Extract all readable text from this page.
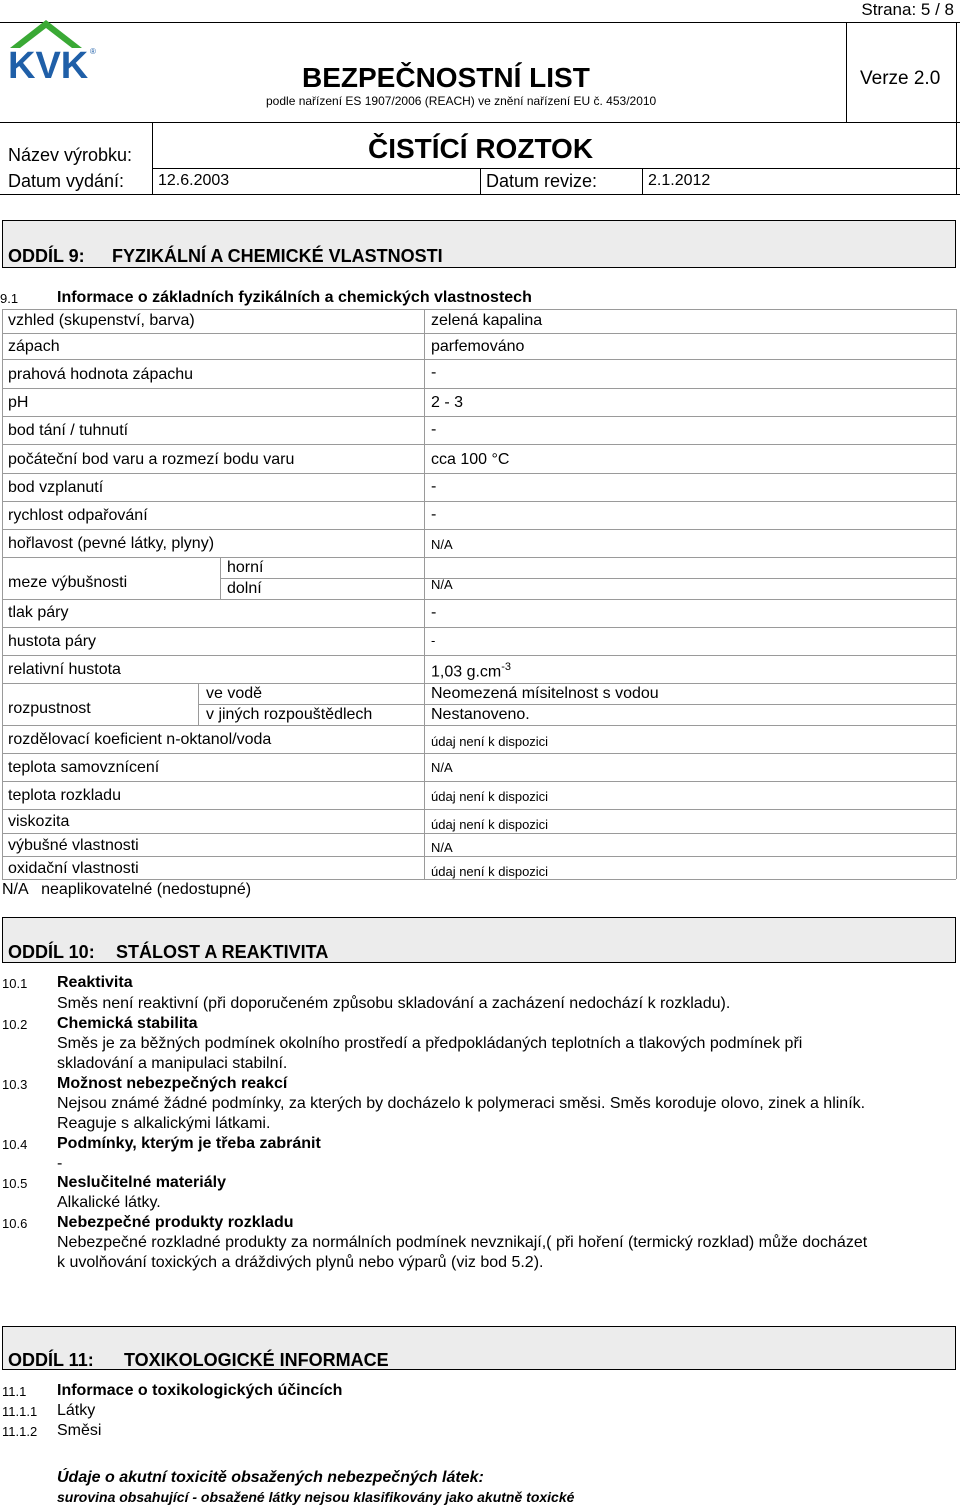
Strana: 5 / 8
KVK ®
BEZPEČNOSTNÍ LIST
podle nařízení ES 1907/2006 (REACH) ve znění nařízení EU č. 453/2010
Verze 2.0
Název výrobku:	ČISTÍCÍ ROZTOK
Datum vydání: 12.6.2003	Datum revize:	2.1.2012
ODDÍL 9: FYZIKÁLNÍ A CHEMICKÉ VLASTNOSTI
9.1 Informace o základních fyzikálních a chemických vlastnostech
vzhled (skupenství, barva)	zelená kapalina
zápach	parfemováno
prahová hodnota zápachu	-
pH	2 - 3
bod tání / tuhnutí	-
počáteční bod varu a rozmezí bodu varu	cca 100 °C
bod vzplanutí	-
rychlost odpařování	-
hořlavost (pevné látky, plyny)	N/A
meze výbušnosti
horní
dolní	N/A
tlak páry	-
hustota páry	-
relativní hustota	1,03 $g.cm^{-3}$
rozpustnost
ve vodě	Neomezená mísitelnost s vodou
v jiných rozpouštědlech	Nestanoveno.
rozdělovací koeficient n-oktanol/voda	údaj není k dispozici
teplota samovznícení	N/A
teplota rozkladu	údaj není k dispozici
viskozita	údaj není k dispozici
výbušné vlastnosti	N/A
oxidační vlastnosti	údaj není k dispozici
N/A   neaplikovatelné (nedostupné)
ODDÍL 10: STÁLOST A REAKTIVITA
10.1 Reaktivita
Směs není reaktivní (při doporučeném způsobu skladování a zacházení nedochází k rozkladu).
10.2 Chemická stabilita
Směs je za běžných podmínek okolního prostředí a předpokládaných teplotních a tlakových podmínek při
skladování a manipulaci stabilní.
10.3 Možnost nebezpečných reakcí
Nejsou známé žádné podmínky, za kterých by docházelo k polymeraci směsi. Směs koroduje olovo, zinek a hliník.
Reaguje s alkalickými látkami.
10.4 Podmínky, kterým je třeba zabránit
-
10.5 Neslučitelné materiály
Alkalické látky.
10.6 Nebezpečné produkty rozkladu
Nebezpečné rozkladné produkty za normálních podmínek nevznikají,( při hoření (termický rozklad) může docházet
k uvolňování toxických a dráždivých plynů nebo výparů (viz bod 5.2).
ODDÍL 11: TOXIKOLOGICKÉ INFORMACE
11.1 Informace o toxikologických účincích
11.1.1 Látky
11.1.2 Směsi
Údaje o akutní toxicitě obsažených nebezpečných látek:
surovina obsahující - obsažené látky nejsou klasifikovány jako akutně toxické
